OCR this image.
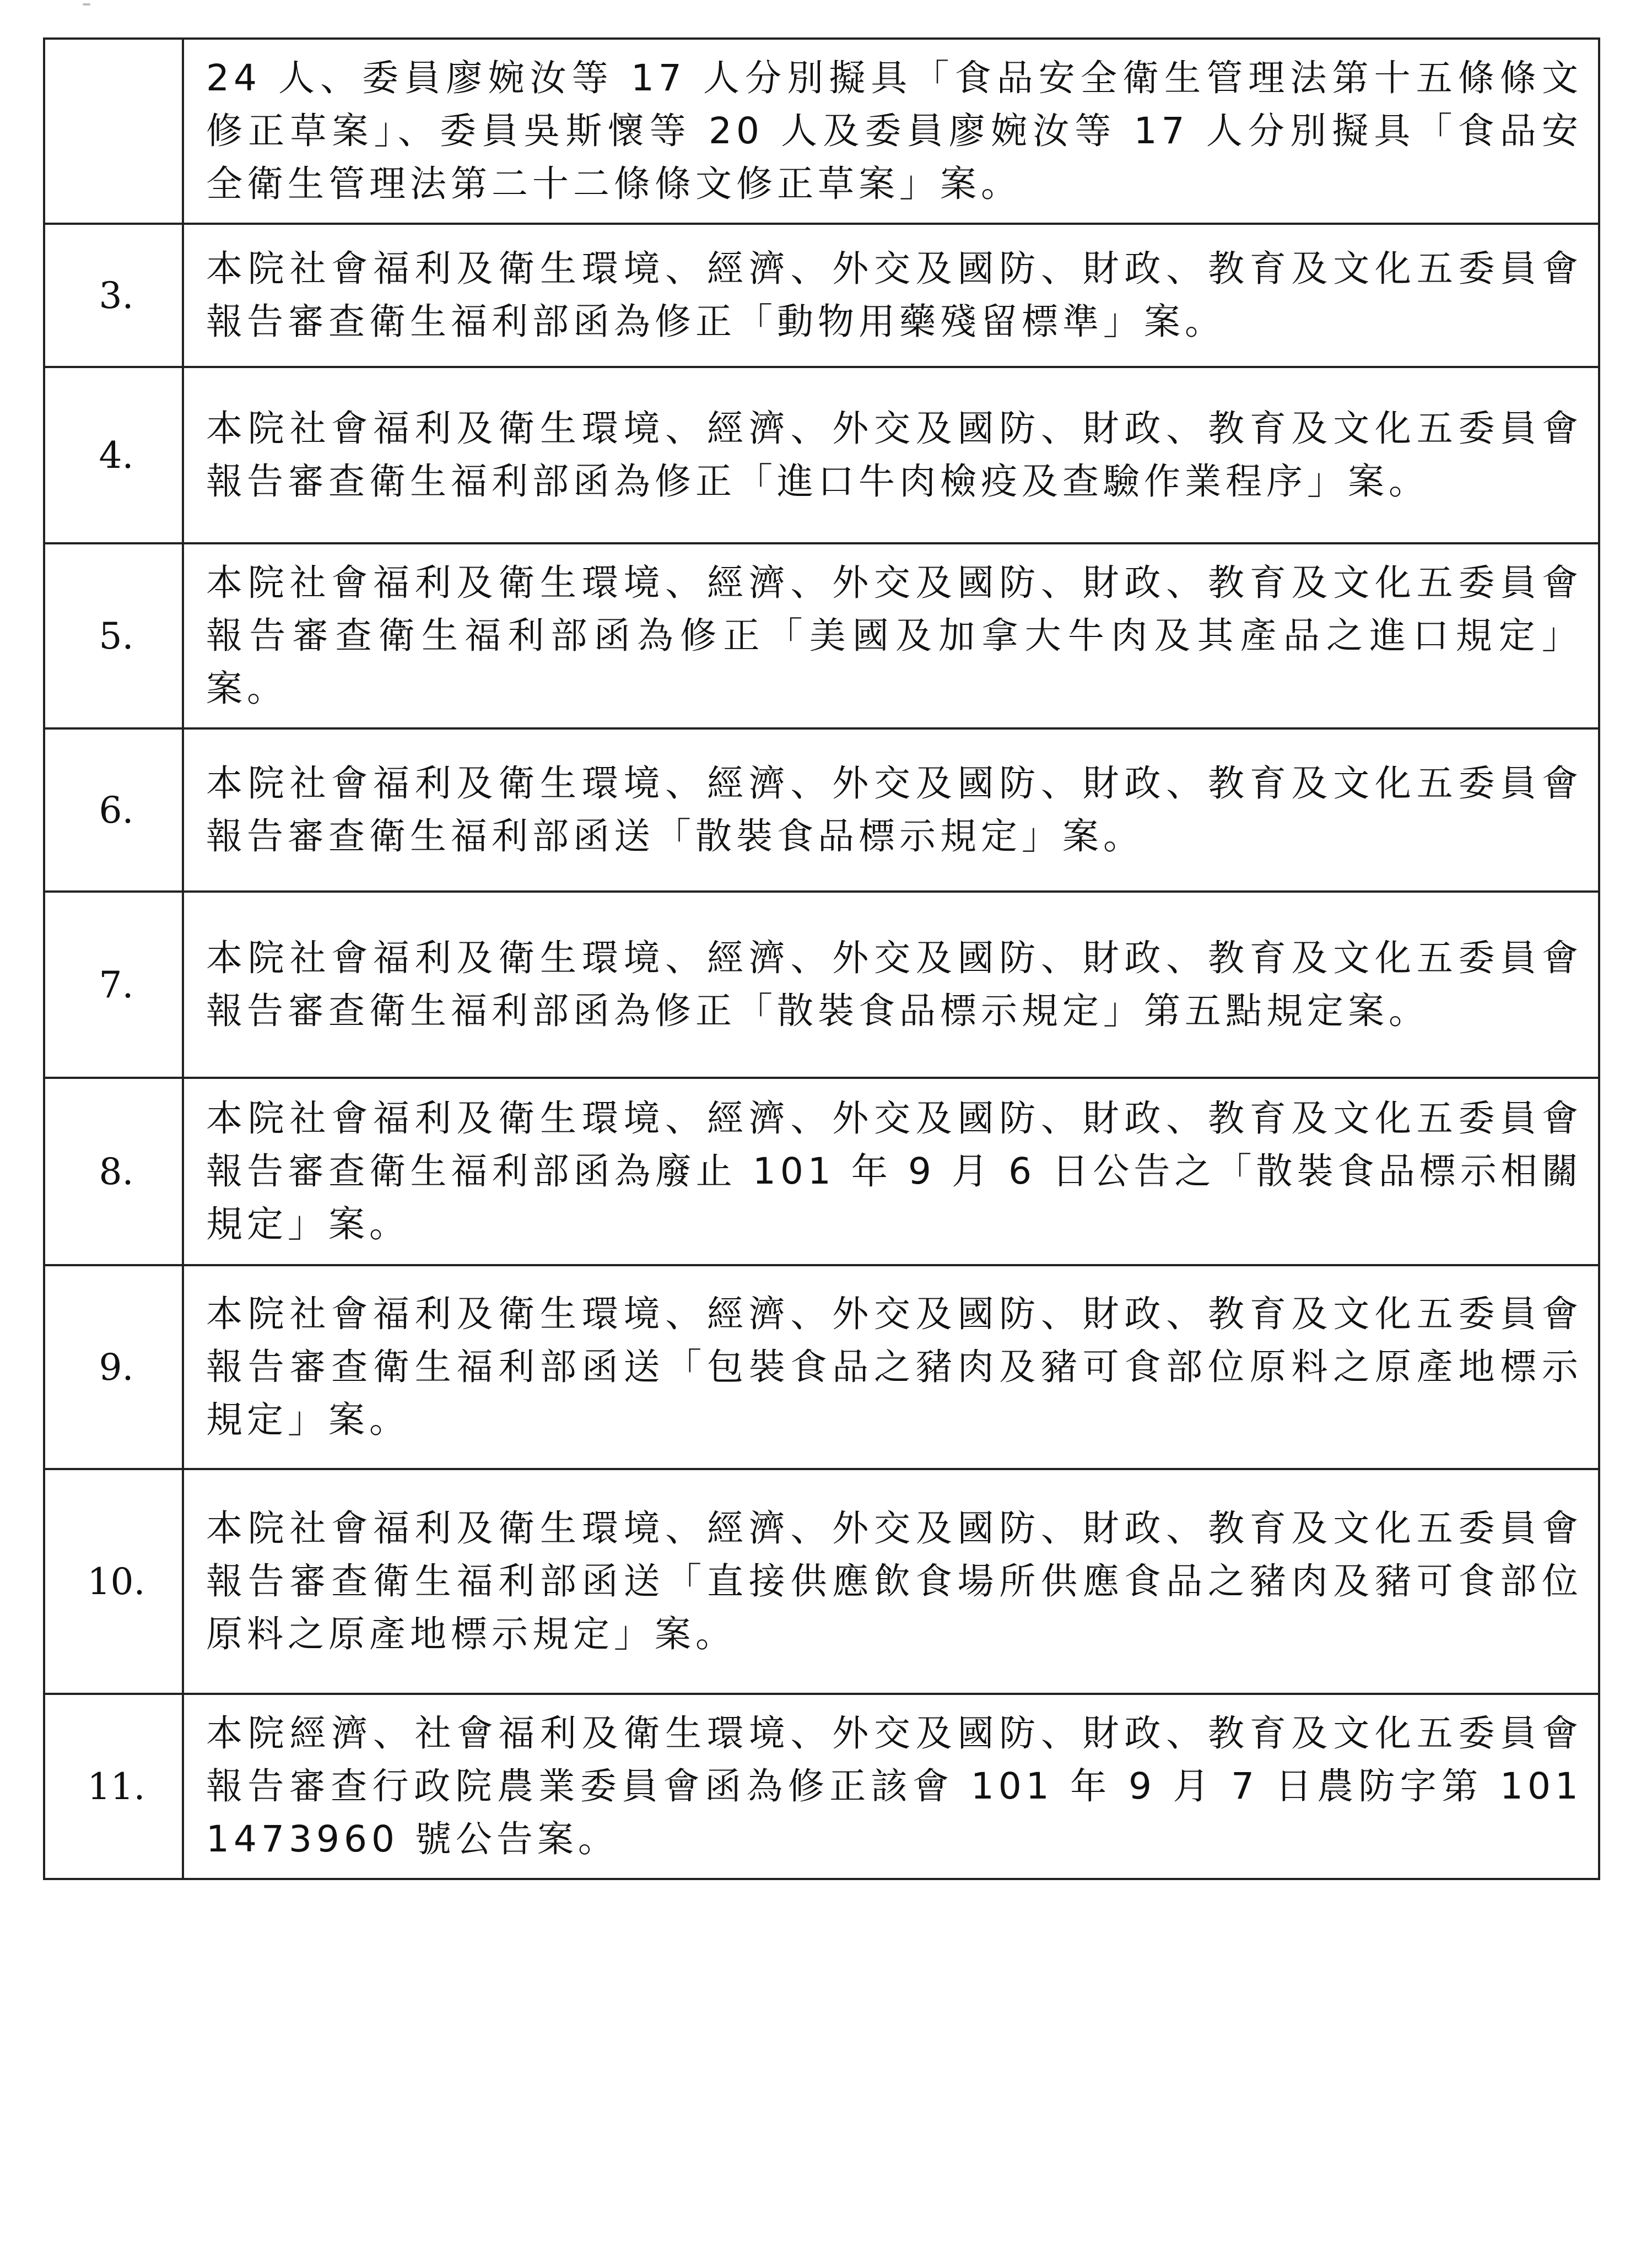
	24 人、委員廖婉汝等 17 人分別擬具「食品安全衛生管理法第十五條條文修正草案」、委員吳斯懷等 20 人及委員廖婉汝等 17 人分別擬具「食品安全衛生管理法第二十二條條文修正草案」案。
3.	本院社會福利及衛生環境、經濟、外交及國防、財政、教育及文化五委員會報告審查衛生福利部函為修正「動物用藥殘留標準」案。
4.	本院社會福利及衛生環境、經濟、外交及國防、財政、教育及文化五委員會報告審查衛生福利部函為修正「進口牛肉檢疫及查驗作業程序」案。
5.	本院社會福利及衛生環境、經濟、外交及國防、財政、教育及文化五委員會報告審查衛生福利部函為修正「美國及加拿大牛肉及其產品之進口規定」案。
6.	本院社會福利及衛生環境、經濟、外交及國防、財政、教育及文化五委員會報告審查衛生福利部函送「散裝食品標示規定」案。
7.	本院社會福利及衛生環境、經濟、外交及國防、財政、教育及文化五委員會報告審查衛生福利部函為修正「散裝食品標示規定」第五點規定案。
8.	本院社會福利及衛生環境、經濟、外交及國防、財政、教育及文化五委員會報告審查衛生福利部函為廢止 101 年 9 月 6 日公告之「散裝食品標示相關規定」案。
9.	本院社會福利及衛生環境、經濟、外交及國防、財政、教育及文化五委員會報告審查衛生福利部函送「包裝食品之豬肉及豬可食部位原料之原產地標示規定」案。
10.	本院社會福利及衛生環境、經濟、外交及國防、財政、教育及文化五委員會報告審查衛生福利部函送「直接供應飲食場所供應食品之豬肉及豬可食部位原料之原產地標示規定」案。
11.	本院經濟、社會福利及衛生環境、外交及國防、財政、教育及文化五委員會報告審查行政院農業委員會函為修正該會 101 年 9 月 7 日農防字第 1011473960 號公告案。
